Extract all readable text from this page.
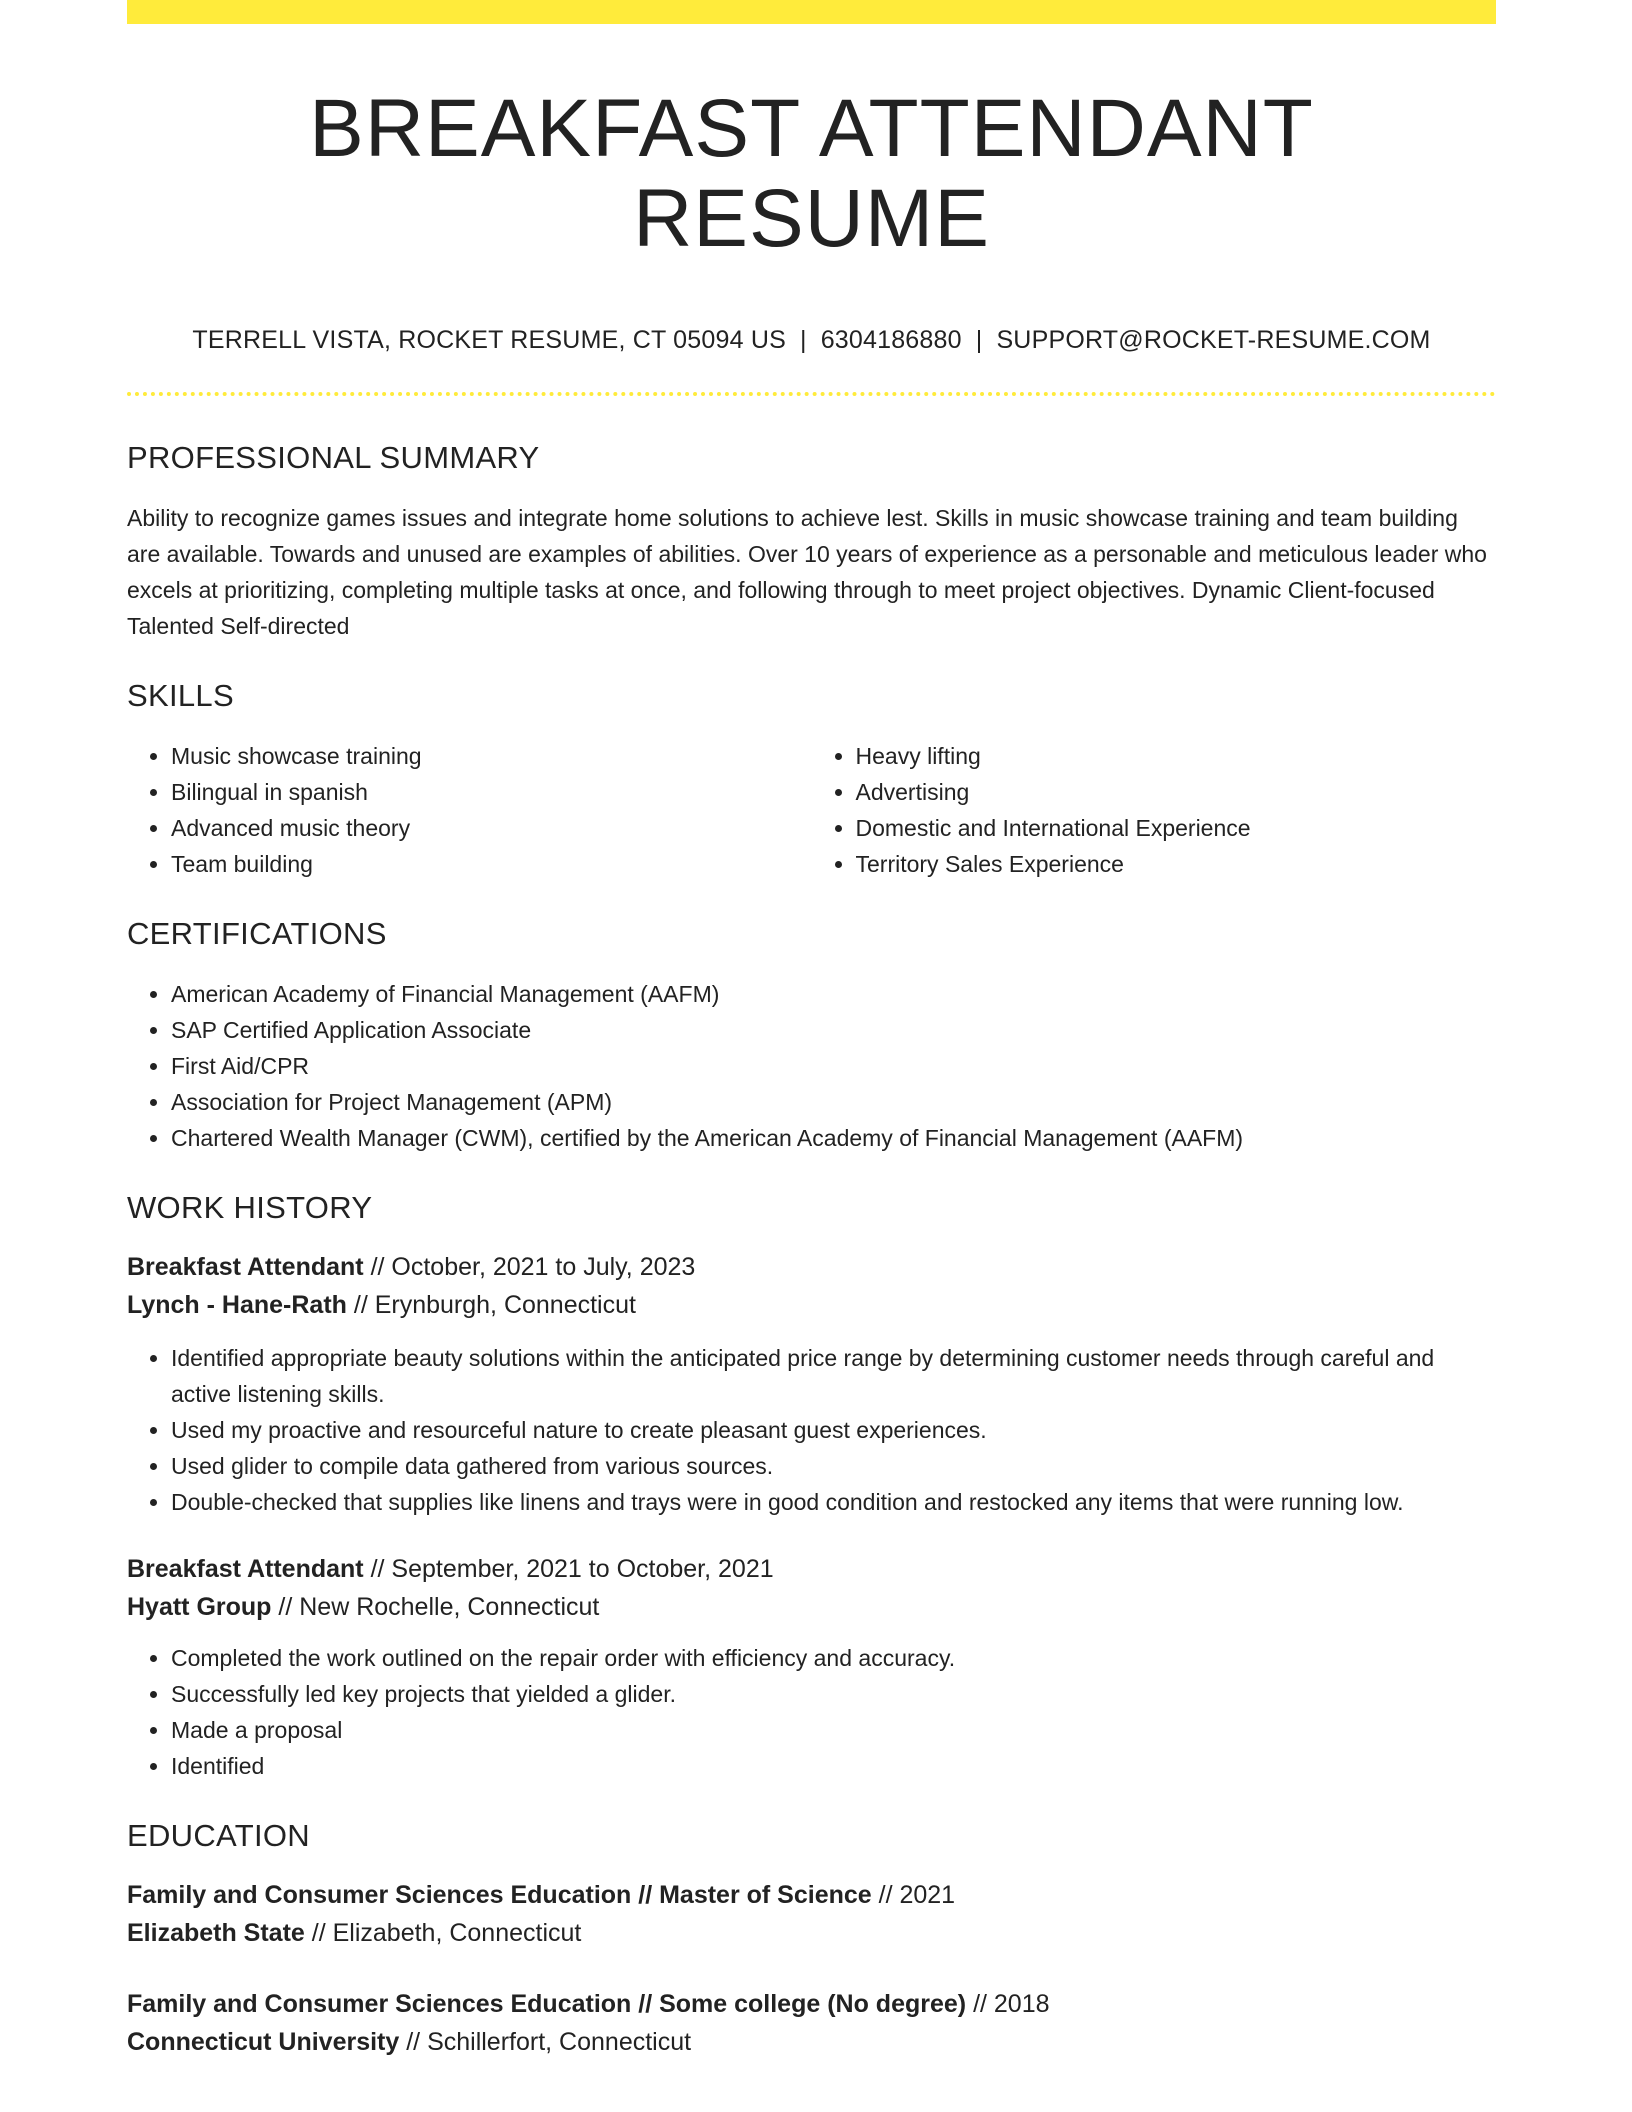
BREAKFAST ATTENDANT RESUME
TERRELL VISTA, ROCKET RESUME, CT 05094 US | 6304186880 | SUPPORT@ROCKET-RESUME.COM
PROFESSIONAL SUMMARY

Ability to recognize games issues and integrate home solutions to achieve lest. Skills in music showcase training and team building are available. Towards and unused are examples of abilities. Over 10 years of experience as a personable and meticulous leader who excels at prioritizing, completing multiple tasks at once, and following through to meet project objectives. Dynamic Client-focused Talented Self-directed

SKILLS
• Music showcase training
• Bilingual in spanish
• Advanced music theory
• Team building
• Heavy lifting
• Advertising
• Domestic and International Experience
• Territory Sales Experience
CERTIFICATIONS
• American Academy of Financial Management (AAFM)
• SAP Certified Application Associate
• First Aid/CPR
• Association for Project Management (APM)
• Chartered Wealth Manager (CWM), certified by the American Academy of Financial Management (AAFM)
WORK HISTORY
Breakfast Attendant // October, 2021 to July, 2023
Lynch - Hane-Rath // Erynburgh, Connecticut
• Identified appropriate beauty solutions within the anticipated price range by determining customer needs through careful and active listening skills.
• Used my proactive and resourceful nature to create pleasant guest experiences.
• Used glider to compile data gathered from various sources.
• Double-checked that supplies like linens and trays were in good condition and restocked any items that were running low.
Breakfast Attendant // September, 2021 to October, 2021
Hyatt Group // New Rochelle, Connecticut
• Completed the work outlined on the repair order with efficiency and accuracy.
• Successfully led key projects that yielded a glider.
• Made a proposal
• Identified
EDUCATION
Family and Consumer Sciences Education // Master of Science // 2021
Elizabeth State // Elizabeth, Connecticut
Family and Consumer Sciences Education // Some college (No degree) // 2018
Connecticut University // Schillerfort, Connecticut
